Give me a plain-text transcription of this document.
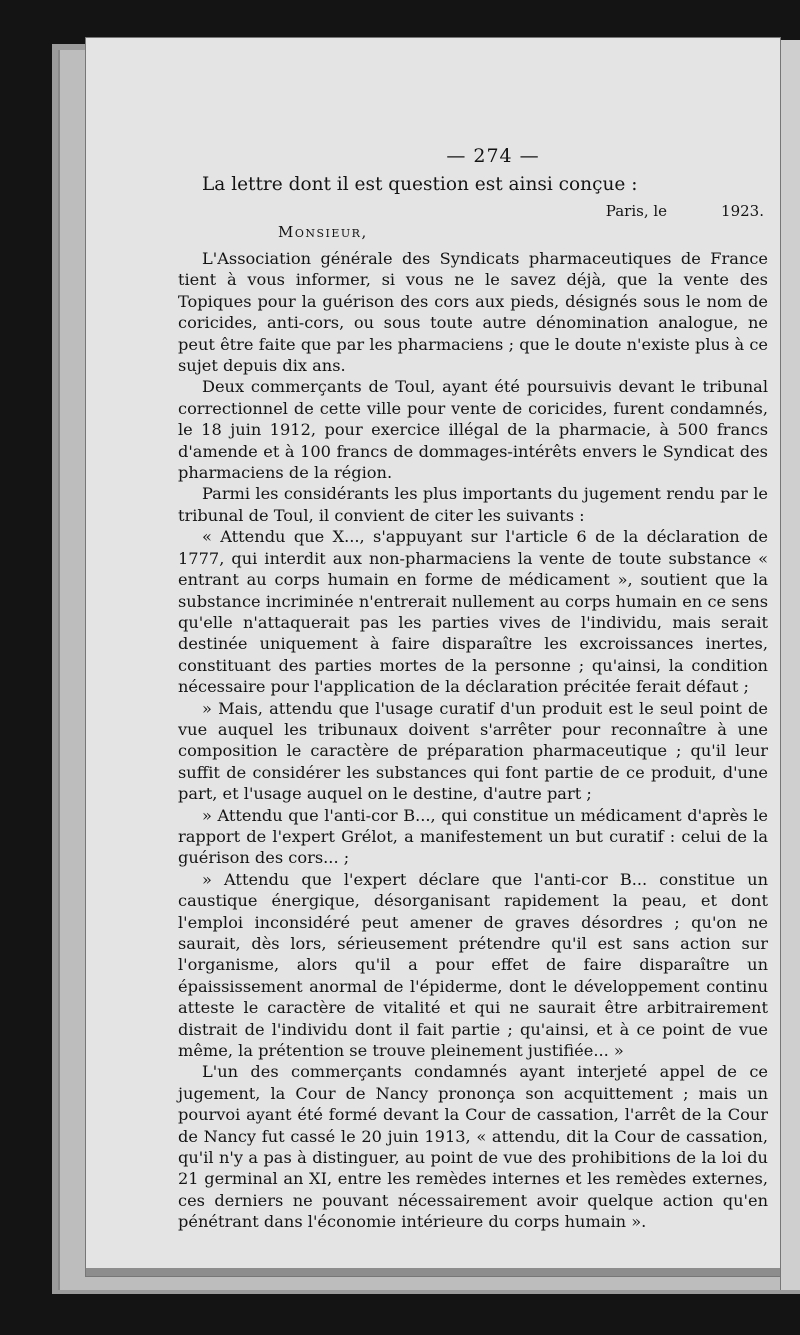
— 274 —
La lettre dont il est question est ainsi conçue :
Paris, le	1923.
Monsieur,

L'Association générale des Syndicats pharmaceutiques de France tient à vous informer, si vous ne le savez déjà, que la vente des Topiques pour la guérison des cors aux pieds, désignés sous le nom de coricides, anti-cors, ou sous toute autre dénomination analogue, ne peut être faite que par les pharmaciens ; que le doute n'existe plus à ce sujet depuis dix ans.

Deux commerçants de Toul, ayant été poursuivis devant le tribunal correctionnel de cette ville pour vente de coricides, furent condamnés, le 18 juin 1912, pour exercice illégal de la pharmacie, à 500 francs d'amende et à 100 francs de dommages-intérêts envers le Syndicat des pharmaciens de la région.

Parmi les considérants les plus importants du jugement rendu par le tribunal de Toul, il convient de citer les suivants :

« Attendu que X..., s'appuyant sur l'article 6 de la déclaration de 1777, qui interdit aux non-pharmaciens la vente de toute substance « entrant au corps humain en forme de médicament », soutient que la substance incriminée n'entrerait nullement au corps humain en ce sens qu'elle n'attaquerait pas les parties vives de l'individu, mais serait destinée uniquement à faire disparaître les excroissances inertes, constituant des parties mortes de la personne ; qu'ainsi, la condition nécessaire pour l'application de la déclaration précitée ferait défaut ;

» Mais, attendu que l'usage curatif d'un produit est le seul point de vue auquel les tribunaux doivent s'arrêter pour reconnaître à une composition le caractère de préparation pharmaceutique ; qu'il leur suffit de considérer les substances qui font partie de ce produit, d'une part, et l'usage auquel on le destine, d'autre part ;

» Attendu que l'anti-cor B..., qui constitue un médicament d'après le rapport de l'expert Grélot, a manifestement un but curatif : celui de la guérison des cors... ;

» Attendu que l'expert déclare que l'anti-cor B... constitue un caustique énergique, désorganisant rapidement la peau, et dont l'emploi inconsidéré peut amener de graves désordres ; qu'on ne saurait, dès lors, sérieusement prétendre qu'il est sans action sur l'organisme, alors qu'il a pour effet de faire disparaître un épaississement anormal de l'épiderme, dont le développement continu atteste le caractère de vitalité et qui ne saurait être arbitrairement distrait de l'individu dont il fait partie ; qu'ainsi, et à ce point de vue même, la prétention se trouve pleinement justifiée... »

L'un des commerçants condamnés ayant interjeté appel de ce jugement, la Cour de Nancy prononça son acquittement ; mais un pourvoi ayant été formé devant la Cour de cassation, l'arrêt de la Cour de Nancy fut cassé le 20 juin 1913, « attendu, dit la Cour de cassation, qu'il n'y a pas à distinguer, au point de vue des prohibitions de la loi du 21 germinal an XI, entre les remèdes internes et les remèdes externes, ces derniers ne pouvant nécessairement avoir quelque action qu'en pénétrant dans l'économie intérieure du corps humain ».
